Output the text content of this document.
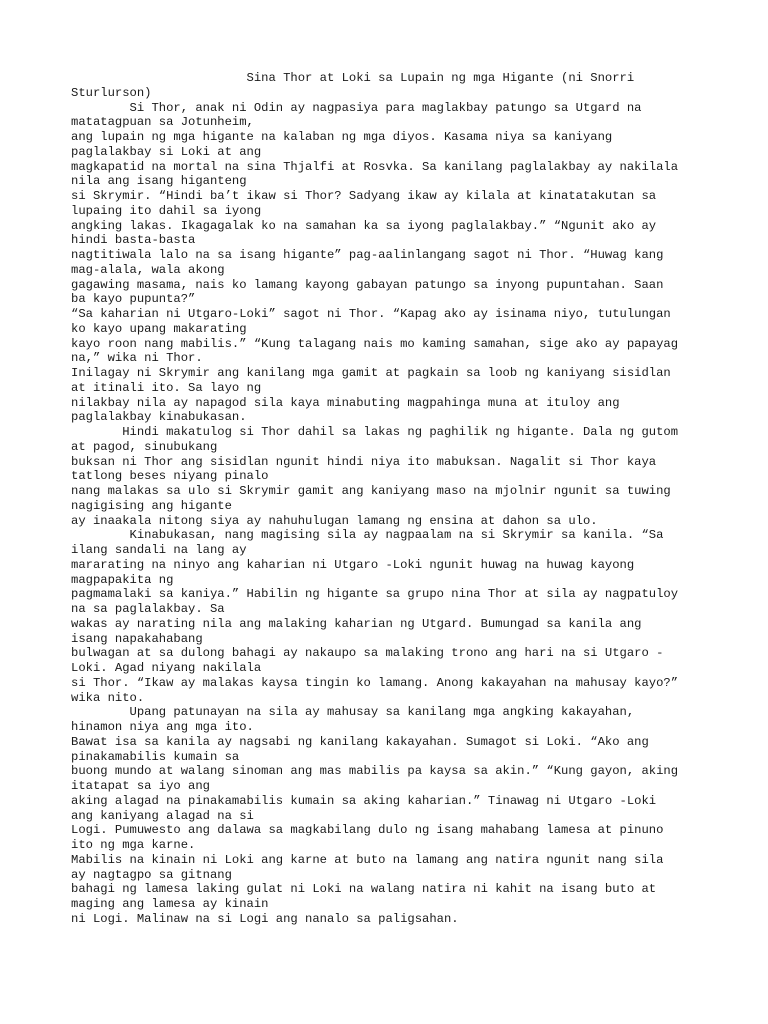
Sina Thor at Loki sa Lupain ng mga Higante (ni Snorri
Sturlurson)
Si Thor, anak ni Odin ay nagpasiya para maglakbay patungo sa Utgard na
matatagpuan sa Jotunheim,
ang lupain ng mga higante na kalaban ng mga diyos. Kasama niya sa kaniyang
paglalakbay si Loki at ang
magkapatid na mortal na sina Thjalfi at Rosvka. Sa kanilang paglalakbay ay nakilala
nila ang isang higanteng
si Skrymir. “Hindi ba’t ikaw si Thor? Sadyang ikaw ay kilala at kinatatakutan sa
lupaing ito dahil sa iyong
angking lakas. Ikagagalak ko na samahan ka sa iyong paglalakbay.” “Ngunit ako ay
hindi basta-basta
nagtitiwala lalo na sa isang higante” pag-aalinlangang sagot ni Thor. “Huwag kang
mag-alala, wala akong
gagawing masama, nais ko lamang kayong gabayan patungo sa inyong pupuntahan. Saan
ba kayo pupunta?”
“Sa kaharian ni Utgaro-Loki” sagot ni Thor. “Kapag ako ay isinama niyo, tutulungan
ko kayo upang makarating
kayo roon nang mabilis.” “Kung talagang nais mo kaming samahan, sige ako ay papayag
na,” wika ni Thor.
Inilagay ni Skrymir ang kanilang mga gamit at pagkain sa loob ng kaniyang sisidlan
at itinali ito. Sa layo ng
nilakbay nila ay napagod sila kaya minabuting magpahinga muna at ituloy ang
paglalakbay kinabukasan.
Hindi makatulog si Thor dahil sa lakas ng paghilik ng higante. Dala ng gutom
at pagod, sinubukang
buksan ni Thor ang sisidlan ngunit hindi niya ito mabuksan. Nagalit si Thor kaya
tatlong beses niyang pinalo
nang malakas sa ulo si Skrymir gamit ang kaniyang maso na mjolnir ngunit sa tuwing
nagigising ang higante
ay inaakala nitong siya ay nahuhulugan lamang ng ensina at dahon sa ulo.
Kinabukasan, nang magising sila ay nagpaalam na si Skrymir sa kanila. “Sa
ilang sandali na lang ay
mararating na ninyo ang kaharian ni Utgaro -Loki ngunit huwag na huwag kayong
magpapakita ng
pagmamalaki sa kaniya.” Habilin ng higante sa grupo nina Thor at sila ay nagpatuloy
na sa paglalakbay. Sa
wakas ay narating nila ang malaking kaharian ng Utgard. Bumungad sa kanila ang
isang napakahabang
bulwagan at sa dulong bahagi ay nakaupo sa malaking trono ang hari na si Utgaro -
Loki. Agad niyang nakilala
si Thor. “Ikaw ay malakas kaysa tingin ko lamang. Anong kakayahan na mahusay kayo?”
wika nito.
Upang patunayan na sila ay mahusay sa kanilang mga angking kakayahan,
hinamon niya ang mga ito.
Bawat isa sa kanila ay nagsabi ng kanilang kakayahan. Sumagot si Loki. “Ako ang
pinakamabilis kumain sa
buong mundo at walang sinoman ang mas mabilis pa kaysa sa akin.” “Kung gayon, aking
itatapat sa iyo ang
aking alagad na pinakamabilis kumain sa aking kaharian.” Tinawag ni Utgaro -Loki
ang kaniyang alagad na si
Logi. Pumuwesto ang dalawa sa magkabilang dulo ng isang mahabang lamesa at pinuno
ito ng mga karne.
Mabilis na kinain ni Loki ang karne at buto na lamang ang natira ngunit nang sila
ay nagtagpo sa gitnang
bahagi ng lamesa laking gulat ni Loki na walang natira ni kahit na isang buto at
maging ang lamesa ay kinain
ni Logi. Malinaw na si Logi ang nanalo sa paligsahan.
